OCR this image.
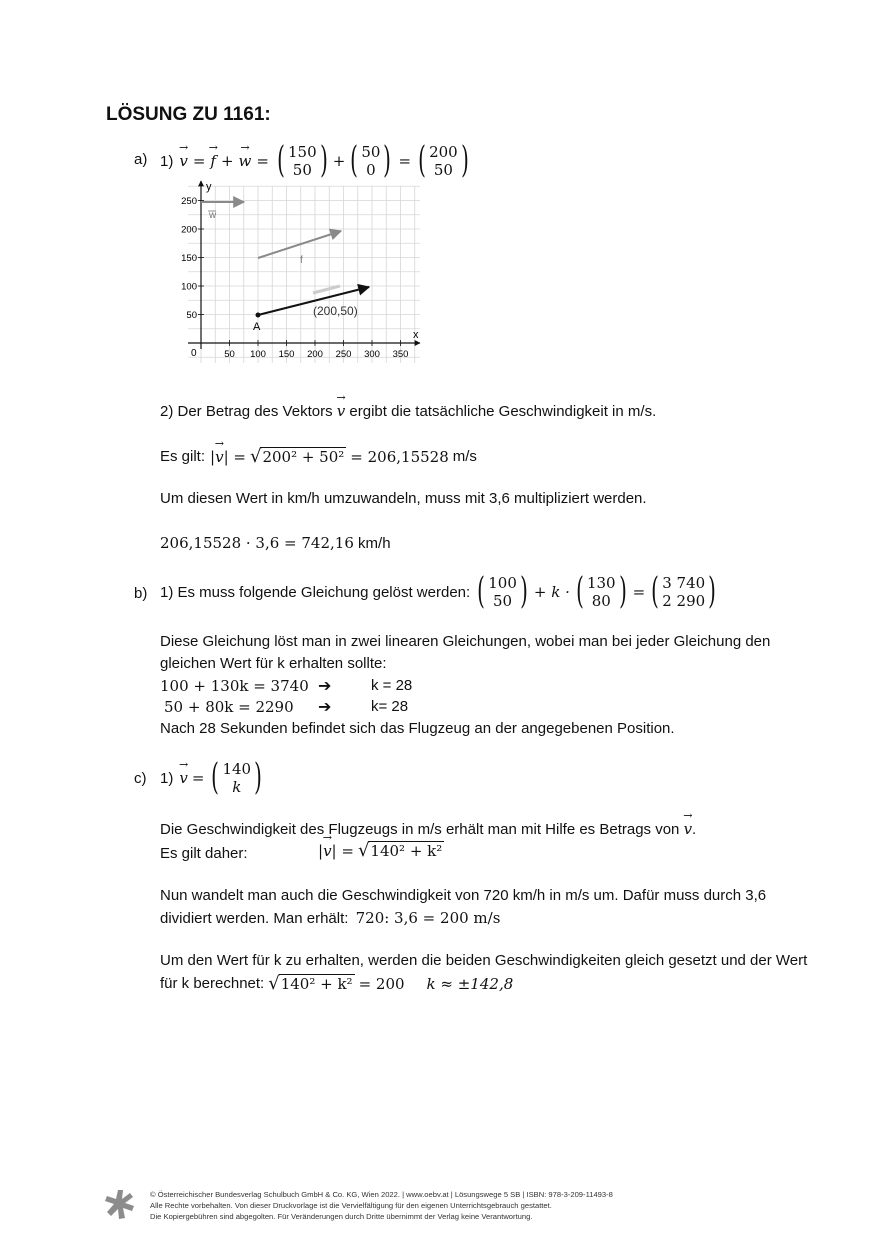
LÖSUNG ZU 1161:
a) 1) v → = f → + w → = ( 150
50 ) + ( 50
0 ) = ( 200
50 )
y
x
0
250
200
150
100
50
50 100 150 200 250 300 350
w
f
A
(200,50)
2) Der Betrag des Vektors v → ergibt die tatsächliche Geschwindigkeit in m/s.
Es gilt: |v →| = √ 200² + 50² = 206,15528 m/s
Um diesen Wert in km/h umzuwandeln, muss mit 3,6 multipliziert werden.
206,15528 · 3,6 = 742,16 km/h
b) 1) Es muss folgende Gleichung gelöst werden: ( 100
50 ) + k · ( 130
80 ) = ( 3 740
2 290 )
Diese Gleichung löst man in zwei linearen Gleichungen, wobei man bei jeder Gleichung den
gleichen Wert für k erhalten sollte:
100 + 130k = 3740 ➔	k = 28
50 + 80k = 2290 ➔	k= 28
Nach 28 Sekunden befindet sich das Flugzeug an der angegebenen Position.
c) 1) v → = ( 140
k )
Die Geschwindigkeit des Flugzeugs in m/s erhält man mit Hilfe es Betrags von v →.
Es gilt daher:	|v →| = √ 140² + k²
Nun wandelt man auch die Geschwindigkeit von 720 km/h in m/s um. Dafür muss durch 3,6
dividiert werden. Man erhält: 720: 3,6 = 200 m/s
Um den Wert für k zu erhalten, werden die beiden Geschwindigkeiten gleich gesetzt und der Wert
für k berechnet: √ 140² + k² = 200 k ≈ ±142,8
© Österreichischer Bundesverlag Schulbuch GmbH & Co. KG, Wien 2022. | www.oebv.at | Lösungswege 5 SB | ISBN: 978-3-209-11493-8
Alle Rechte vorbehalten. Von dieser Druckvorlage ist die Vervielfältigung für den eigenen Unterrichtsgebrauch gestattet.
Die Kopiergebühren sind abgegolten. Für Veränderungen durch Dritte übernimmt der Verlag keine Verantwortung.
